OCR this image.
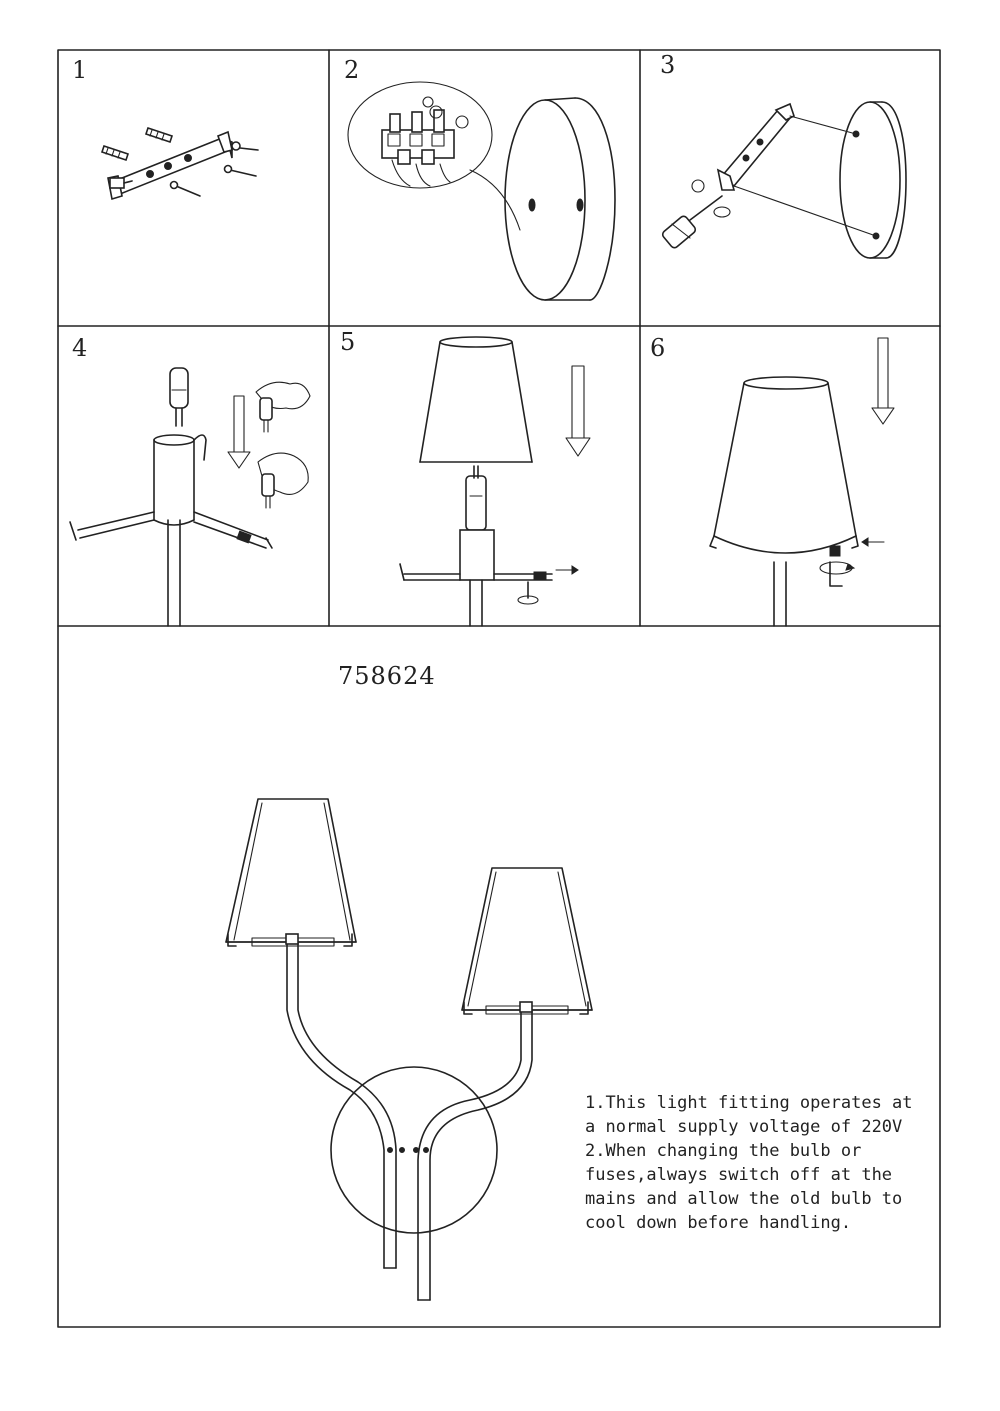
1	2	3
4	5	6
758624
1.This light fitting operates at
a normal supply voltage of 220V
2.When changing the bulb or
fuses,always switch off at the
mains and allow the old bulb to
cool down before handling.
